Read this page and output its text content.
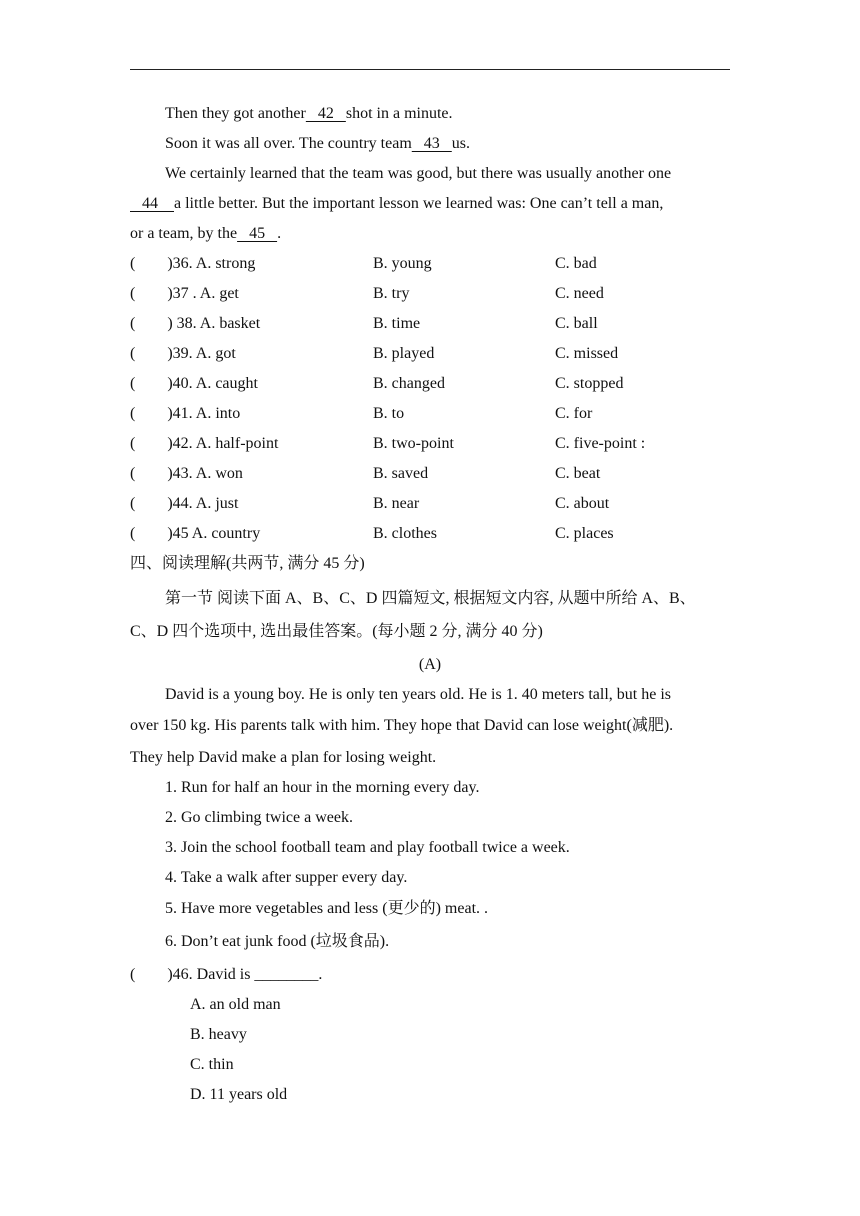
Then they got another   42   shot in a minute.
Soon it was all over. The country team   43   us.
We certainly learned that the team was good, but there was usually another one
44    a little better. But the important lesson we learned was: One can’t tell a man,
or a team, by the   45   .
(        )36. A. strong	B. young	C. bad
(        )37 . A. get	B. try	C. need
(        ) 38. A. basket	B. time	C. ball
(        )39. A. got	B. played	C. missed
(        )40. A. caught	B. changed	C. stopped
(        )41. A. into	B. to	C. for
(        )42. A. half-point	B. two-point	C. five-point :
(        )43. A. won	B. saved	C. beat
(        )44. A. just	B. near	C. about
(        )45 A. country	B. clothes	C. places
四、阅读理解(共两节, 满分 45 分)
第一节 阅读下面 A、B、C、D 四篇短文, 根据短文内容, 从题中所给 A、B、
C、D 四个选项中, 选出最佳答案。(每小题 2 分, 满分 40 分)
(A)
David is a young boy. He is only ten years old. He is 1. 40 meters tall, but he is
over 150 kg. His parents talk with him. They hope that David can lose weight(减肥).
They help David make a plan for losing weight.
1. Run for half an hour in the morning every day.
2. Go climbing twice a week.
3. Join the school football team and play football twice a week.
4. Take a walk after supper every day.
5. Have more vegetables and less (更少的) meat. .
6. Don’t eat junk food (垃圾食品).
(        )46. David is ________.
A. an old man
B. heavy
C. thin
D. 11 years old
